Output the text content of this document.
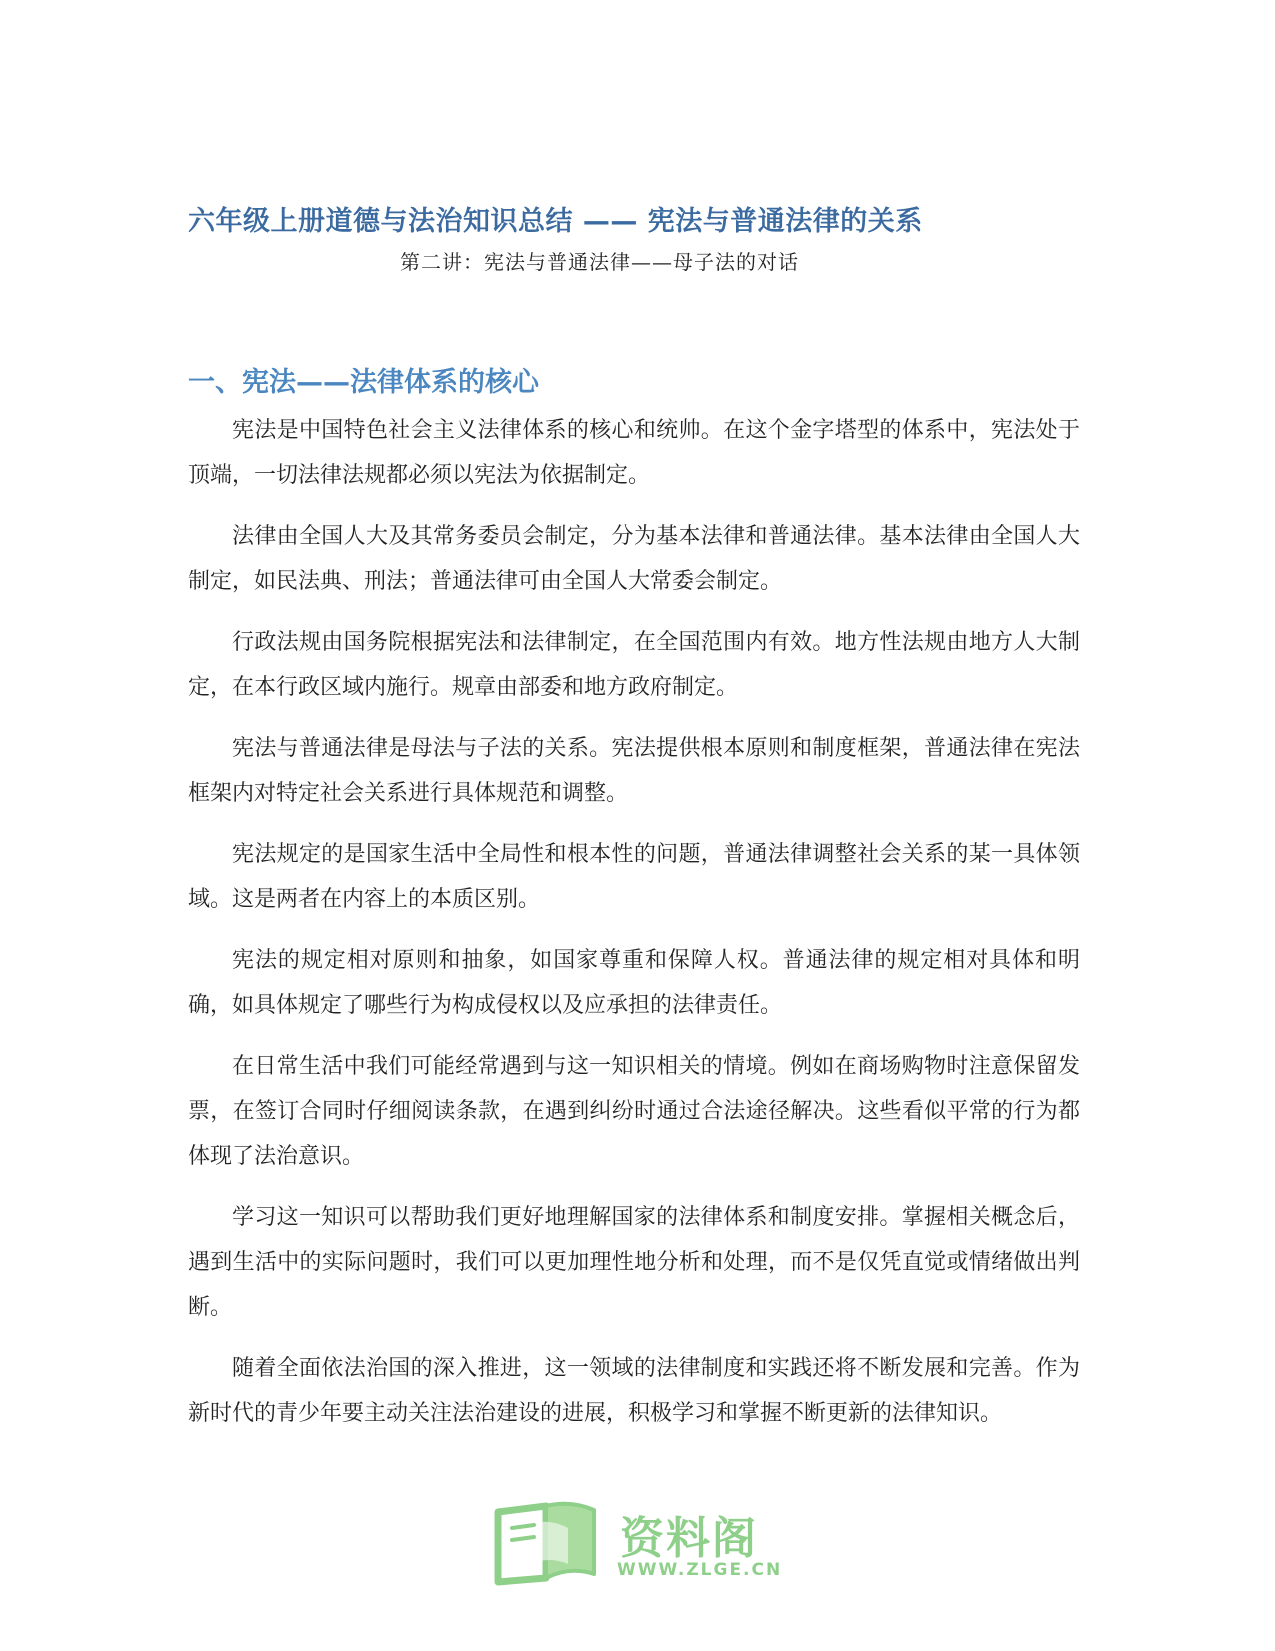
六年级上册道德与法治知识总结 —— 宪法与普通法律的关系
第二讲：宪法与普通法律——母子法的对话
一、宪法——法律体系的核心

宪法是中国特色社会主义法律体系的核心和统帅。在这个金字塔型的体系中，宪法处于顶端，一切法律法规都必须以宪法为依据制定。

法律由全国人大及其常务委员会制定，分为基本法律和普通法律。基本法律由全国人大制定，如民法典、刑法；普通法律可由全国人大常委会制定。

行政法规由国务院根据宪法和法律制定，在全国范围内有效。地方性法规由地方人大制定，在本行政区域内施行。规章由部委和地方政府制定。

宪法与普通法律是母法与子法的关系。宪法提供根本原则和制度框架，普通法律在宪法框架内对特定社会关系进行具体规范和调整。

宪法规定的是国家生活中全局性和根本性的问题，普通法律调整社会关系的某一具体领域。这是两者在内容上的本质区别。

宪法的规定相对原则和抽象，如国家尊重和保障人权。普通法律的规定相对具体和明确，如具体规定了哪些行为构成侵权以及应承担的法律责任。

在日常生活中我们可能经常遇到与这一知识相关的情境。例如在商场购物时注意保留发票，在签订合同时仔细阅读条款，在遇到纠纷时通过合法途径解决。这些看似平常的行为都体现了法治意识。

学习这一知识可以帮助我们更好地理解国家的法律体系和制度安排。掌握相关概念后，遇到生活中的实际问题时，我们可以更加理性地分析和处理，而不是仅凭直觉或情绪做出判断。

随着全面依法治国的深入推进，这一领域的法律制度和实践还将不断发展和完善。作为新时代的青少年要主动关注法治建设的进展，积极学习和掌握不断更新的法律知识。

资料阁
WWW.ZLGE.CN
